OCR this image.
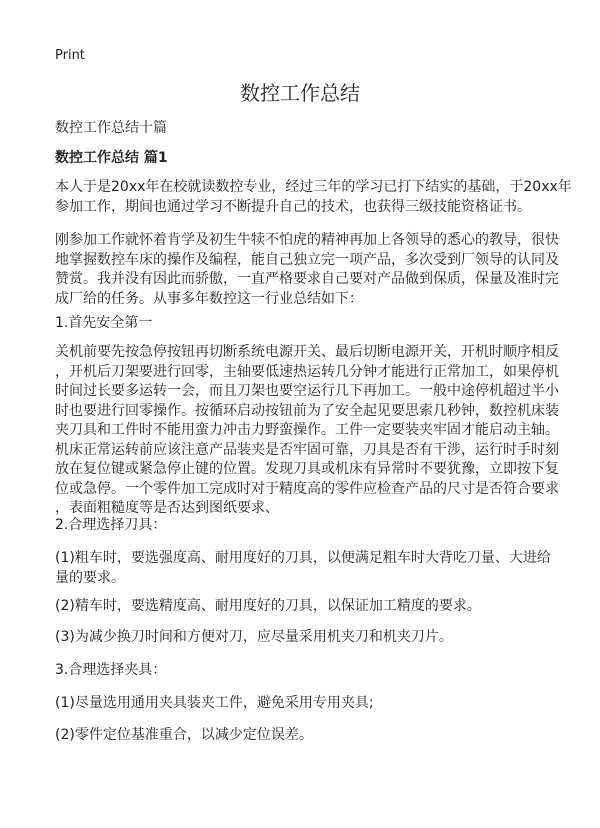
Print
数控工作总结
数控工作总结十篇
数控工作总结 篇1
本人于是20xx年在校就读数控专业，经过三年的学习已打下结实的基础，于20xx年
参加工作，期间也通过学习不断提升自己的技术，也获得三级技能资格证书。
刚参加工作就怀着肯学及初生牛犊不怕虎的精神再加上各领导的悉心的教导，很快
地掌握数控车床的操作及编程，能自己独立完一项产品，多次受到厂领导的认同及
赞赏。我并没有因此而骄傲，一直严格要求自己要对产品做到保质，保量及准时完
成厂给的任务。从事多年数控这一行业总结如下：
1.首先安全第一
关机前要先按急停按钮再切断系统电源开关、最后切断电源开关，开机时顺序相反
，开机后刀架要进行回零，主轴要低速热运转几分钟才能进行正常加工，如果停机
时间过长要多运转一会，而且刀架也要空运行几下再加工。一般中途停机超过半小
时也要进行回零操作。按循环启动按钮前为了安全起见要思索几秒钟，数控机床装
夹刀具和工件时不能用蛮力冲击力野蛮操作。工件一定要装夹牢固才能启动主轴。
机床正常运转前应该注意产品装夹是否牢固可靠，刀具是否有干涉，运行时手时刻
放在复位键或紧急停止键的位置。发现刀具或机床有异常时不要犹豫，立即按下复
位或急停。一个零件加工完成时对于精度高的零件应检查产品的尺寸是否符合要求
，表面粗糙度等是否达到图纸要求、
2.合理选择刀具：
(1)粗车时，要选强度高、耐用度好的刀具，以便满足粗车时大背吃刀量、大进给
量的要求。
(2)精车时，要选精度高、耐用度好的刀具，以保证加工精度的要求。
(3)为减少换刀时间和方便对刀，应尽量采用机夹刀和机夹刀片。
3.合理选择夹具：
(1)尽量选用通用夹具装夹工件，避免采用专用夹具;
(2)零件定位基准重合，以减少定位误差。
